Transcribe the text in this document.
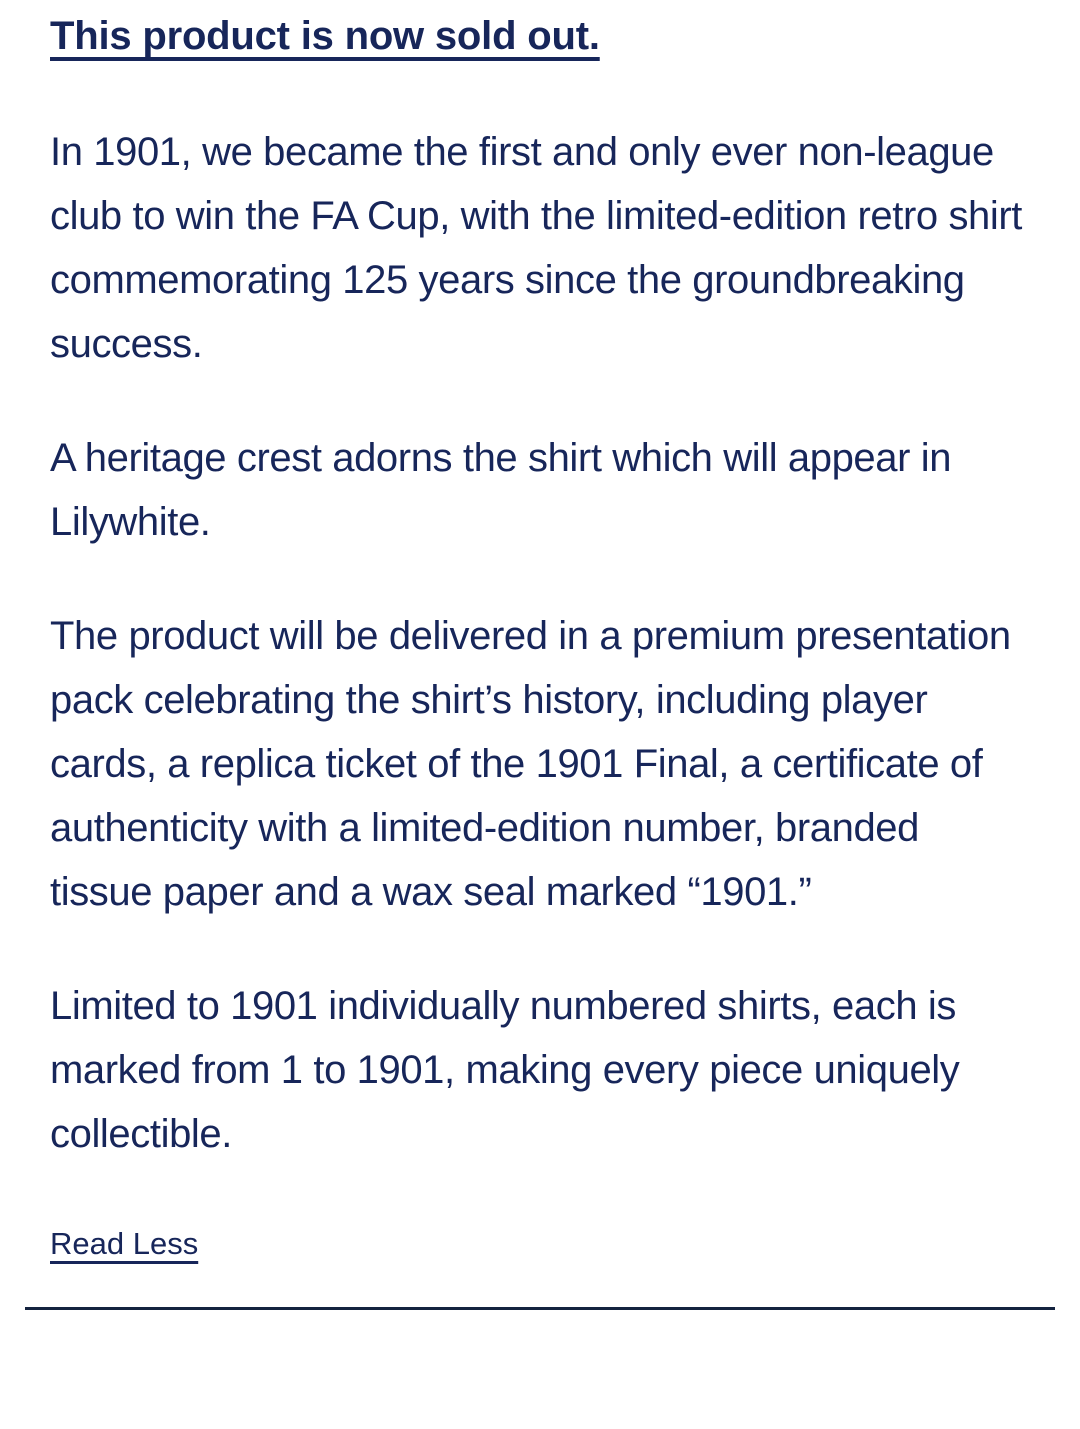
This product is now sold out.

In 1901, we became the first and only ever non-league club to win the FA Cup, with the limited-edition retro shirt commemorating 125 years since the groundbreaking success.

A heritage crest adorns the shirt which will appear in Lilywhite.

The product will be delivered in a premium presentation pack celebrating the shirt’s history, including player cards, a replica ticket of the 1901 Final, a certificate of authenticity with a limited-edition number, branded tissue paper and a wax seal marked “1901.”

Limited to 1901 individually numbered shirts, each is marked from 1 to 1901, making every piece uniquely collectible.

Read Less
